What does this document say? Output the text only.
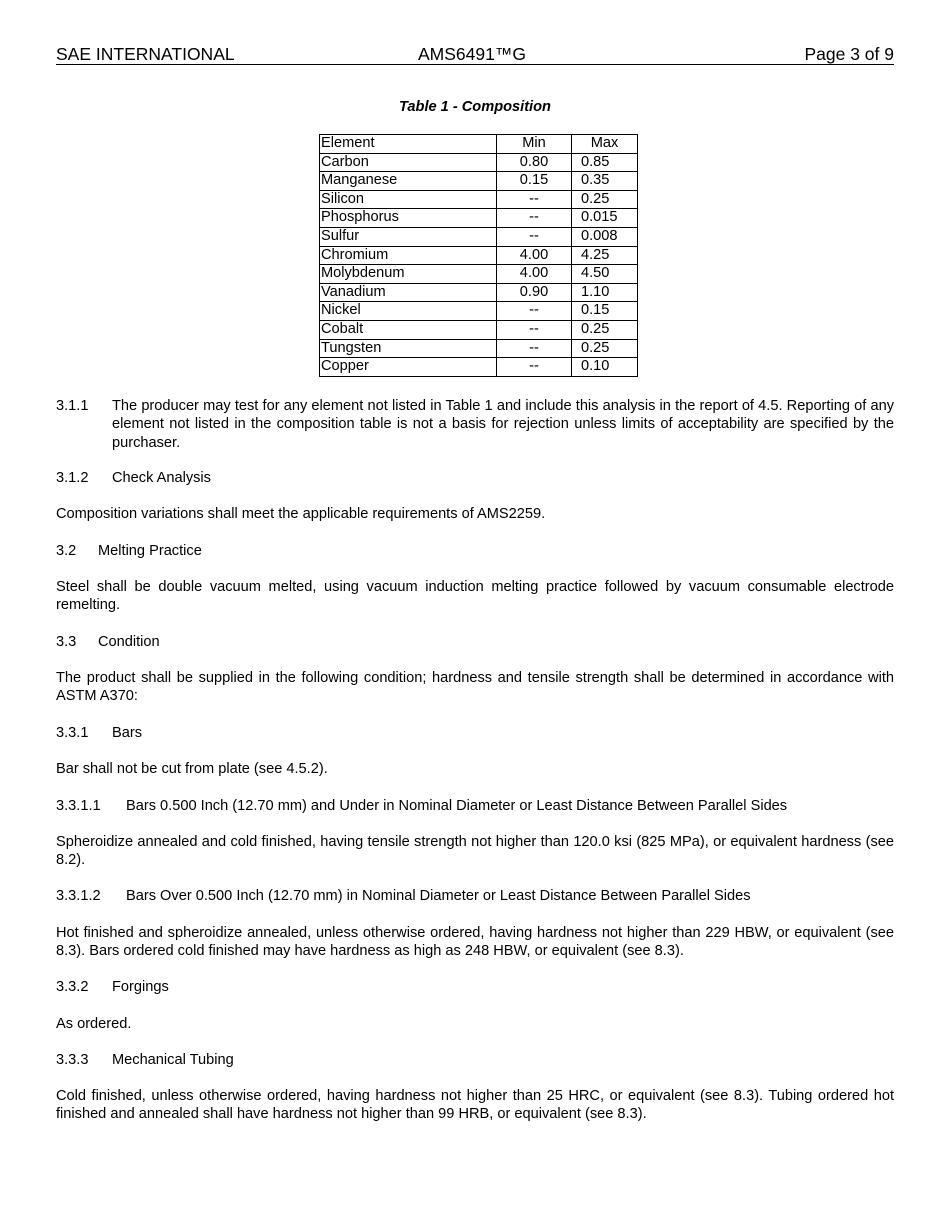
SAE INTERNATIONAL	AMS6491™G	Page 3 of 9
Table 1 - Composition
Element	Min	Max
Carbon	0.80	0.85
Manganese	0.15	0.35
Silicon	--	0.25
Phosphorus	--	0.015
Sulfur	--	0.008
Chromium	4.00	4.25
Molybdenum	4.00	4.50
Vanadium	0.90	1.10
Nickel	--	0.15
Cobalt	--	0.25
Tungsten	--	0.25
Copper	--	0.10
3.1.1 The producer may test for any element not listed in Table 1 and include this analysis in the report of 4.5. Reporting of any element not listed in the composition table is not a basis for rejection unless limits of acceptability are specified by the purchaser.
3.1.2 Check Analysis
Composition variations shall meet the applicable requirements of AMS2259.
3.2 Melting Practice
Steel shall be double vacuum melted, using vacuum induction melting practice followed by vacuum consumable electrode remelting.
3.3 Condition
The product shall be supplied in the following condition; hardness and tensile strength shall be determined in accordance with ASTM A370:
3.3.1 Bars
Bar shall not be cut from plate (see 4.5.2).
3.3.1.1 Bars 0.500 Inch (12.70 mm) and Under in Nominal Diameter or Least Distance Between Parallel Sides
Spheroidize annealed and cold finished, having tensile strength not higher than 120.0 ksi (825 MPa), or equivalent hardness (see 8.2).
3.3.1.2 Bars Over 0.500 Inch (12.70 mm) in Nominal Diameter or Least Distance Between Parallel Sides
Hot finished and spheroidize annealed, unless otherwise ordered, having hardness not higher than 229 HBW, or equivalent (see 8.3). Bars ordered cold finished may have hardness as high as 248 HBW, or equivalent (see 8.3).
3.3.2 Forgings
As ordered.
3.3.3 Mechanical Tubing
Cold finished, unless otherwise ordered, having hardness not higher than 25 HRC, or equivalent (see 8.3). Tubing ordered hot finished and annealed shall have hardness not higher than 99 HRB, or equivalent (see 8.3).
